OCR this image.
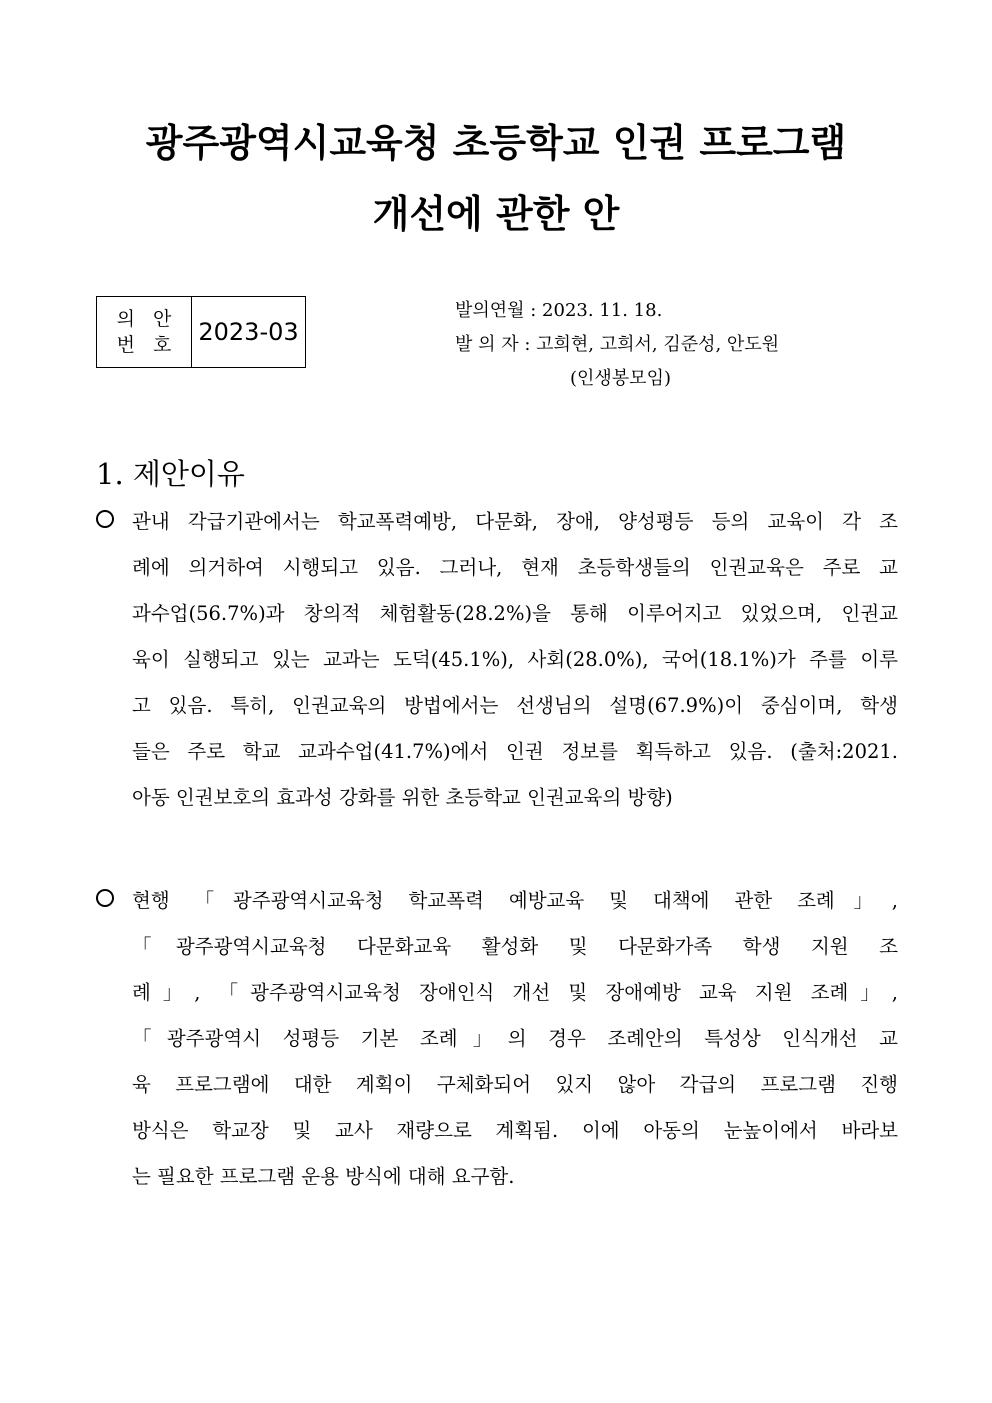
광주광역시교육청 초등학교 인권 프로그램
개선에 관한 안
의 안
번 호 2023-03
발의연월 : 2023. 11. 18.
발 의 자 : 고희현, 고희서, 김준성, 안도원
(인생봉모임)
1. 제안이유
관내 각급기관에서는 학교폭력예방, 다문화, 장애, 양성평등 등의 교육이 각 조
례에 의거하여 시행되고 있음. 그러나, 현재 초등학생들의 인권교육은 주로 교
과수업(56.7%)과 창의적 체험활동(28.2%)을 통해 이루어지고 있었으며, 인권교
육이 실행되고 있는 교과는 도덕(45.1%), 사회(28.0%), 국어(18.1%)가 주를 이루
고 있음. 특히, 인권교육의 방법에서는 선생님의 설명(67.9%)이 중심이며, 학생
들은 주로 학교 교과수업(41.7%)에서 인권 정보를 획득하고 있음. (출처:2021.
아동 인권보호의 효과성 강화를 위한 초등학교 인권교육의 방향)
현행 「광주광역시교육청 학교폭력 예방교육 및 대책에 관한 조례」,
「광주광역시교육청 다문화교육 활성화 및 다문화가족 학생 지원 조
례」, 「광주광역시교육청 장애인식 개선 및 장애예방 교육 지원 조례」,
「광주광역시 성평등 기본 조례」의 경우 조례안의 특성상 인식개선 교
육 프로그램에 대한 계획이 구체화되어 있지 않아 각급의 프로그램 진행
방식은 학교장 및 교사 재량으로 계획됨. 이에 아동의 눈높이에서 바라보
는 필요한 프로그램 운용 방식에 대해 요구함.
